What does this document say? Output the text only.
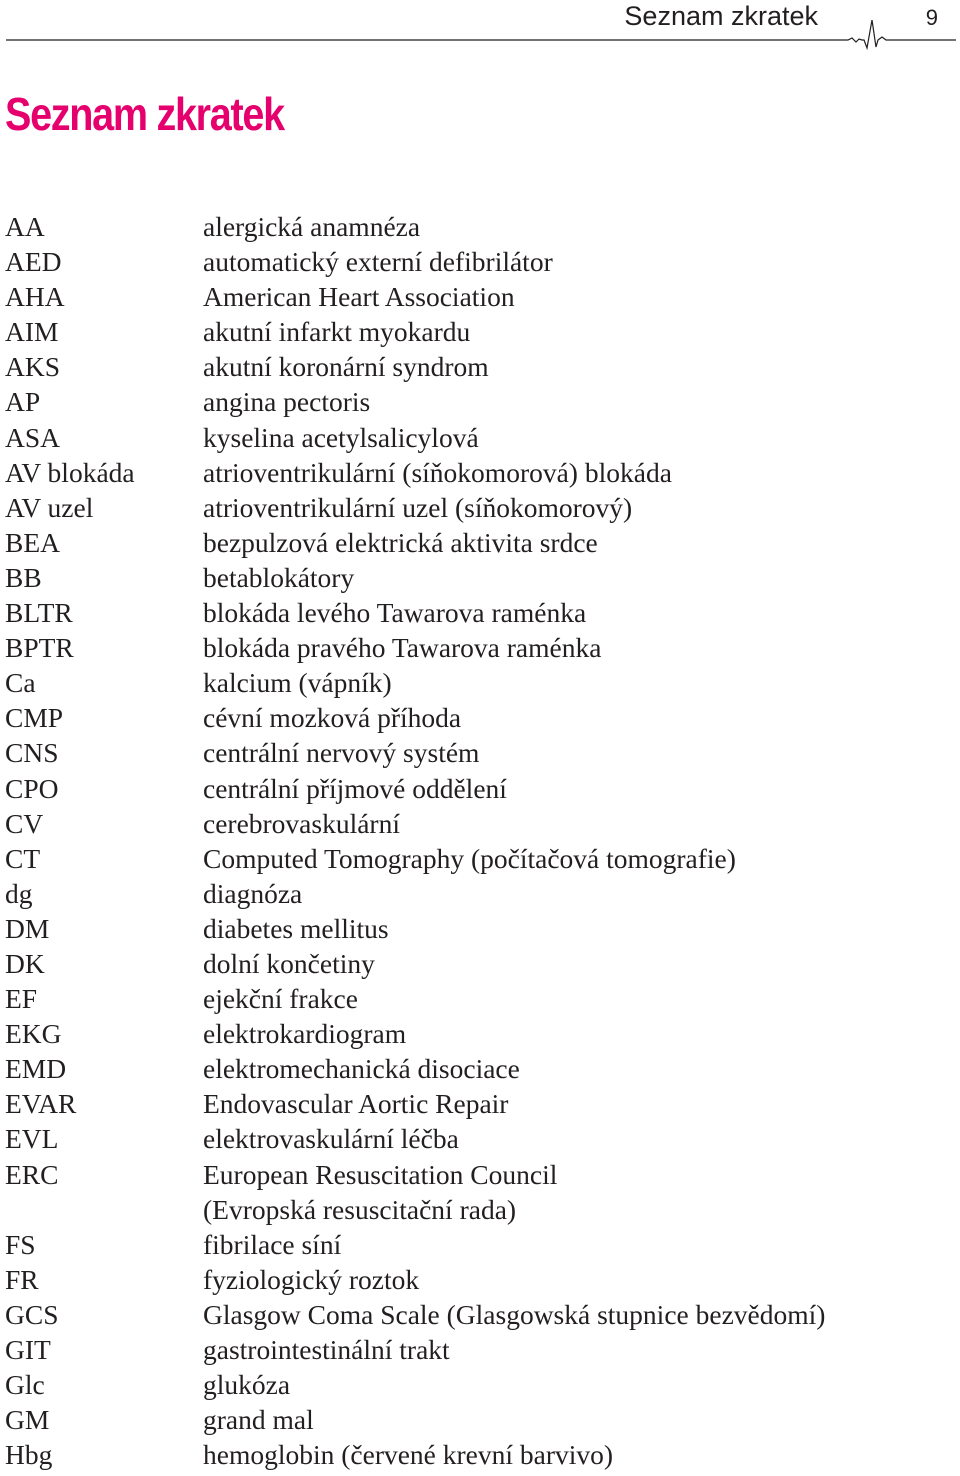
Seznam zkratek	9
Seznam zkratek
AA	alergická anamnéza
AED	automatický externí defibrilátor
AHA	American Heart Association
AIM	akutní infarkt myokardu
AKS	akutní koronární syndrom
AP	angina pectoris
ASA	kyselina acetylsalicylová
AV blokáda	atrioventrikulární (síňokomorová) blokáda
AV uzel	atrioventrikulární uzel (síňokomorový)
BEA	bezpulzová elektrická aktivita srdce
BB	betablokátory
BLTR	blokáda levého Tawarova raménka
BPTR	blokáda pravého Tawarova raménka
Ca	kalcium (vápník)
CMP	cévní mozková příhoda
CNS	centrální nervový systém
CPO	centrální příjmové oddělení
CV	cerebrovaskulární
CT	Computed Tomography (počítačová tomografie)
dg	diagnóza
DM	diabetes mellitus
DK	dolní končetiny
EF	ejekční frakce
EKG	elektrokardiogram
EMD	elektromechanická disociace
EVAR	Endovascular Aortic Repair
EVL	elektrovaskulární léčba
ERC	European Resuscitation Council
(Evropská resuscitační rada)
FS	fibrilace síní
FR	fyziologický roztok
GCS	Glasgow Coma Scale (Glasgowská stupnice bezvědomí)
GIT	gastrointestinální trakt
Glc	glukóza
GM	grand mal
Hbg	hemoglobin (červené krevní barvivo)
